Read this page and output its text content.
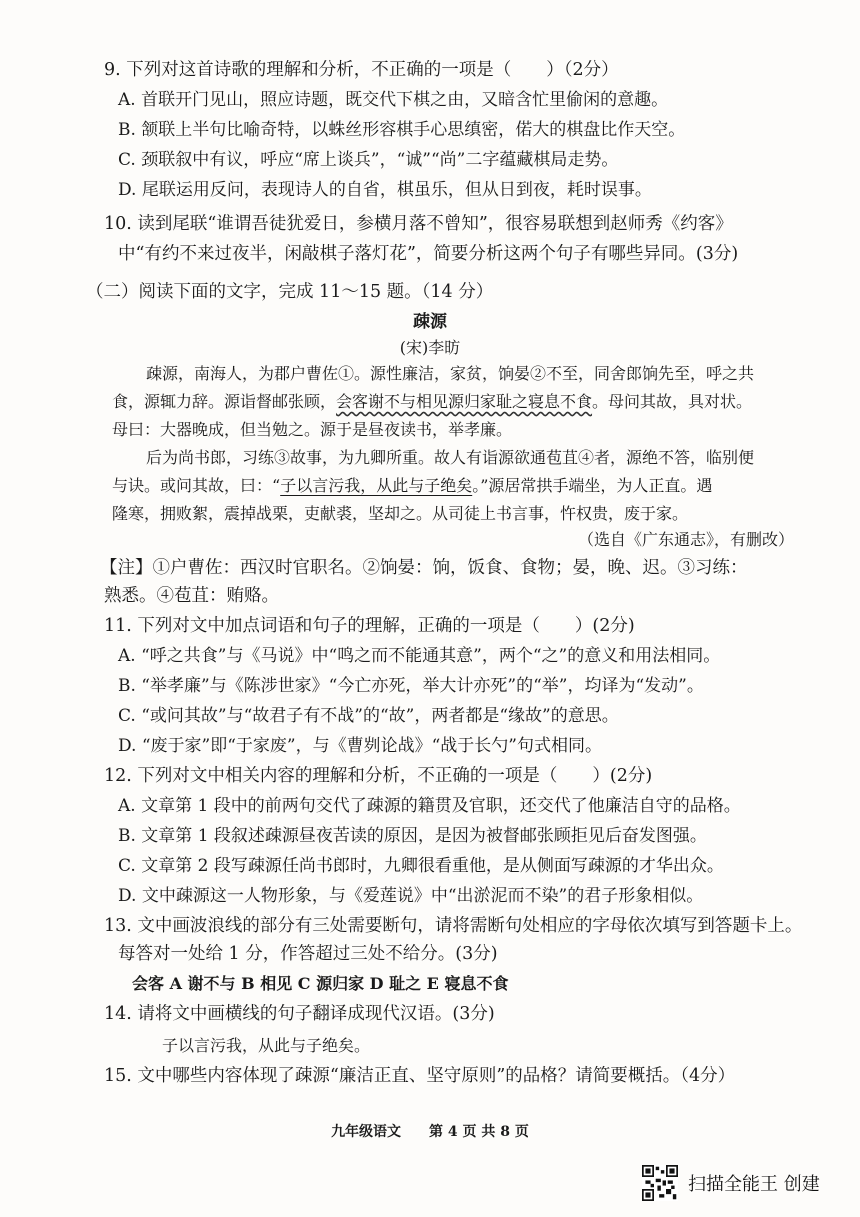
9. 下列对这首诗歌的理解和分析，不正确的一项是（　　）（2分）
A. 首联开门见山，照应诗题，既交代下棋之由，又暗含忙里偷闲的意趣。
B. 颔联上半句比喻奇特，以蛛丝形容棋手心思缜密，偌大的棋盘比作天空。
C. 颈联叙中有议，呼应“席上谈兵”，“诚”“尚”二字蕴藏棋局走势。
D. 尾联运用反问，表现诗人的自省，棋虽乐，但从日到夜，耗时误事。
10. 读到尾联“谁谓吾徒犹爱日，参横月落不曾知”，很容易联想到赵师秀《约客》
中“有约不来过夜半，闲敲棋子落灯花”，简要分析这两个句子有哪些异同。(3分)
（二）阅读下面的文字，完成 11～15 题。（14 分）
疎源
(宋)李昉
疎源，南海人，为郡户曹佐①。源性廉洁，家贫，饷晏②不至，同舍郎饷先至，呼之共
食，源辄力辞。源诣督邮张顾，会客谢不与相见源归家耻之寝息不食。母问其故，具对状。
母曰：大器晚成，但当勉之。源于是昼夜读书，举孝廉。
后为尚书郎，习练③故事，为九卿所重。故人有诣源欲通苞苴④者，源绝不答，临别便
与诀。或问其故，曰：“子以言污我，从此与子绝矣。”源居常拱手端坐，为人正直。遇
隆寒，拥败絮，震掉战栗，吏献裘，坚却之。从司徒上书言事，忤权贵，废于家。
（选自《广东通志》，有删改）
【注】①户曹佐：西汉时官职名。②饷晏：饷，饭食、食物；晏，晚、迟。③习练：
熟悉。④苞苴：贿赂。
11. 下列对文中加点词语和句子的理解，正确的一项是（　　）(2分)
A. “呼之共食”与《马说》中“鸣之而不能通其意”，两个“之”的意义和用法相同。
B. “举孝廉”与《陈涉世家》“今亡亦死，举大计亦死”的“举”，均译为“发动”。
C. “或问其故”与“故君子有不战”的“故”，两者都是“缘故”的意思。
D. “废于家”即“于家废”，与《曹刿论战》“战于长勺”句式相同。
12. 下列对文中相关内容的理解和分析，不正确的一项是（　　）(2分)
A. 文章第 1 段中的前两句交代了疎源的籍贯及官职，还交代了他廉洁自守的品格。
B. 文章第 1 段叙述疎源昼夜苦读的原因，是因为被督邮张顾拒见后奋发图强。
C. 文章第 2 段写疎源任尚书郎时，九卿很看重他，是从侧面写疎源的才华出众。
D. 文中疎源这一人物形象，与《爱莲说》中“出淤泥而不染”的君子形象相似。
13. 文中画波浪线的部分有三处需要断句，请将需断句处相应的字母依次填写到答题卡上。
每答对一处给 1 分，作答超过三处不给分。(3分)
会客 A 谢不与 B 相见 C 源归家 D 耻之 E 寝息不食
14. 请将文中画横线的句子翻译成现代汉语。(3分)
子以言污我，从此与子绝矣。
15. 文中哪些内容体现了疎源“廉洁正直、坚守原则”的品格？请简要概括。（4分）
九年级语文　　第 4 页 共 8 页
扫描全能王 创建
